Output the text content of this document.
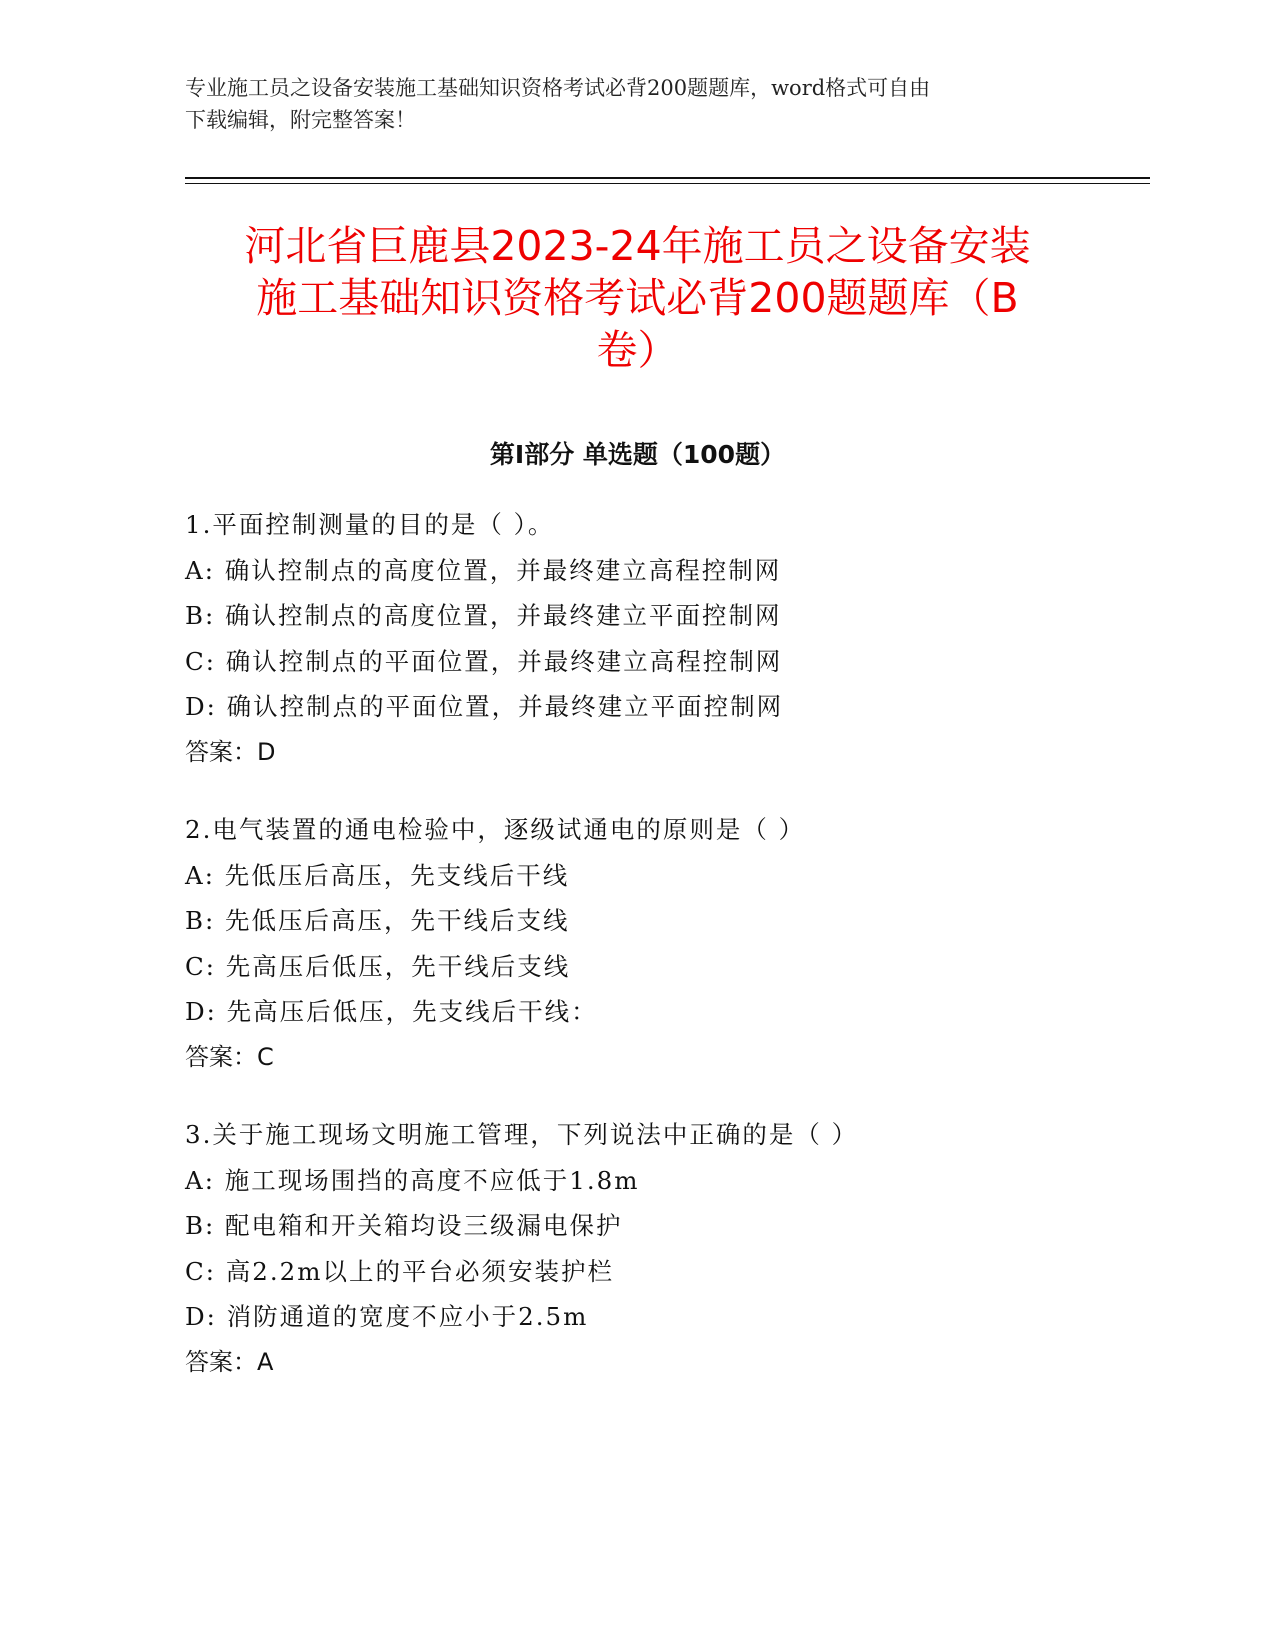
专业施工员之设备安装施工基础知识资格考试必背200题题库，word格式可自由
下载编辑，附完整答案！
河北省巨鹿县2023-24年施工员之设备安装
施工基础知识资格考试必背200题题库（B
卷）
第Ⅰ部分 单选题（100题）
1.平面控制测量的目的是（ ）。
A: 确认控制点的高度位置，并最终建立高程控制网
B: 确认控制点的高度位置，并最终建立平面控制网
C: 确认控制点的平面位置，并最终建立高程控制网
D: 确认控制点的平面位置，并最终建立平面控制网
答案：D
2.电气装置的通电检验中，逐级试通电的原则是（ ）
A: 先低压后高压，先支线后干线
B: 先低压后高压，先干线后支线
C: 先高压后低压，先干线后支线
D: 先高压后低压，先支线后干线：
答案：C
3.关于施工现场文明施工管理，下列说法中正确的是（ ）
A: 施工现场围挡的高度不应低于1.8m
B: 配电箱和开关箱均设三级漏电保护
C: 高2.2m以上的平台必须安装护栏
D: 消防通道的宽度不应小于2.5m
答案：A
